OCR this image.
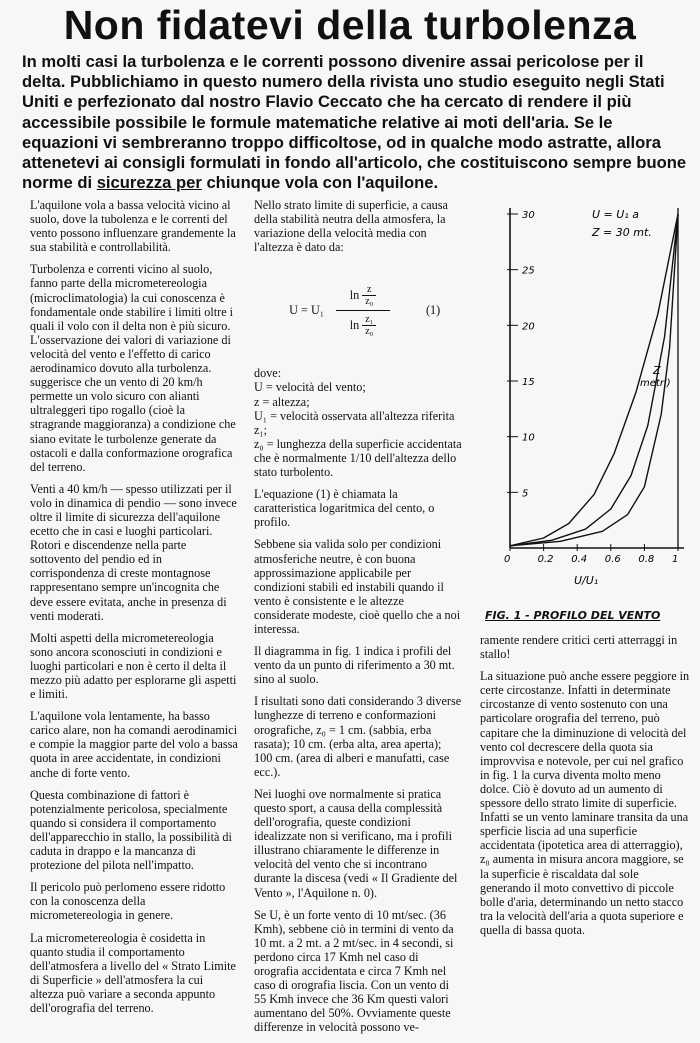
Non fidatevi della turbolenza

In molti casi la turbolenza e le correnti possono divenire assai pericolose per il delta. Pubblichiamo in questo numero della rivista uno studio eseguito negli Stati Uniti e perfezionato dal nostro Flavio Ceccato che ha cercato di rendere il più accessibile possibile le formule matematiche relative ai moti dell'aria. Se le equazioni vi sembreranno troppo difficoltose, od in qualche modo astratte, allora attenetevi ai consigli formulati in fondo all'articolo, che costituiscono sempre buone norme di sicurezza per chiunque vola con l'aquilone.

L'aquilone vola a bassa velocità vicino al suolo, dove la tubolenza e le correnti del vento possono influenzare grandemente la sua stabilità e controllabilità.

Turbolenza e correnti vicino al suolo, fanno parte della micrometereologia (microclimatologia) la cui conoscenza è fondamentale onde stabilire i limiti oltre i quali il volo con il delta non è più sicuro. L'osservazione dei valori di variazione di velocità del vento e l'effetto di carico aerodinamico dovuto alla turbolenza. suggerisce che un vento di 20 km/h permette un volo sicuro con alianti ultraleggeri tipo rogallo (cioè la stragrande maggioranza) a condizione che siano evitate le turbolenze generate da ostacoli e dalla conformazione orografica del terreno.

Venti a 40 km/h — spesso utilizzati per il volo in dinamica di pendio — sono invece oltre il limite di sicurezza dell'aquilone ecetto che in casi e luoghi particolari. Rotori e discendenze nella parte sottovento del pendio ed in corrispondenza di creste montagnose rappresentano sempre un'incognita che deve essere evitata, anche in presenza di venti moderati.

Molti aspetti della micrometereologia sono ancora sconosciuti in condizioni e luoghi particolari e non è certo il delta il mezzo più adatto per esplorarne gli aspetti e limiti.

L'aquilone vola lentamente, ha basso carico alare, non ha comandi aerodinamici e compie la maggior parte del volo a bassa quota in aree accidentate, in condizioni anche di forte vento.

Questa combinazione di fattori è potenzialmente pericolosa, specialmente quando si considera il comportamento dell'apparecchio in stallo, la possibilità di caduta in drappo e la mancanza di protezione del pilota nell'impatto.

Il pericolo può perlomeno essere ridotto con la conoscenza della micrometereologia in genere.

La micrometereologia è cosidetta in quanto studia il comportamento dell'atmosfera a livello del « Strato Limite di Superficie » dell'atmosfera la cui altezza può variare a seconda appunto dell'orografia del terreno.

Nello strato limite di superficie, a causa della stabilità neutra della atmosfera, la variazione della velocità media con l'altezza è dato da:

U = U₁ ln
z
z₀
ln
z₁
z₀ (1)

dove:

U = velocità del vento;

z = altezza;

U₁ = velocità osservata all'altezza riferita z₁;

z₀ = lunghezza della superficie accidentata che è normalmente 1/10 dell'altezza dello stato turbolento.

L'equazione (1) è chiamata la caratteristica logaritmica del cento, o profilo.

Sebbene sia valida solo per condizioni atmosferiche neutre, è con buona approssimazione applicabile per condizioni stabili ed instabili quando il vento è consistente e le altezze considerate modeste, cioè quello che a noi interessa.

Il diagramma in fig. 1 indica i profili del vento da un punto di riferimento a 30 mt. sino al suolo.

I risultati sono dati considerando 3 diverse lunghezze di terreno e conformazioni orografiche, z₀ = 1 cm. (sabbia, erba rasata); 10 cm. (erba alta, area aperta); 100 cm. (area di alberi e manufatti, case ecc.).

Nei luoghi ove normalmente si pratica questo sport, a causa della complessità dell'orografia, queste condizioni idealizzate non si verificano, ma i profili illustrano chiaramente le differenze in velocità del vento che si incontrano durante la discesa (vedi « Il Gradiente del Vento », l'Aquilone n. 0).

Se U, è un forte vento di 10 mt/sec. (36 Kmh), sebbene ciò in termini di vento da 10 mt. a 2 mt. a 2 mt/sec. in 4 secondi, si perdono circa 17 Kmh nel caso di orografia accidentata e circa 7 Kmh nel caso di orografia liscia. Con un vento di 55 Kmh invece che 36 Km questi valori aumentano del 50%. Ovviamente queste differenze in velocità possono ve-

5
10
15
20
25
30
0	0.2 0.4 0.6 0.8 1
U = U₁ a
Z = 30 mt.
Z
metri)
U/U₁
FIG. 1 - PROFILO DEL VENTO

ramente rendere critici certi atterraggi in stallo!

La situazione può anche essere peggiore in certe circostanze. Infatti in determinate circostanze di vento sostenuto con una particolare orografia del terreno, può capitare che la diminuzione di velocità del vento col decrescere della quota sia improvvisa e notevole, per cui nel grafico in fig. 1 la curva diventa molto meno dolce. Ciò è dovuto ad un aumento di spessore dello strato limite di superficie. Infatti se un vento laminare transita da una sperficie liscia ad una superficie accidentata (ipotetica area di atterraggio), z₀ aumenta in misura ancora maggiore, se la superficie è riscaldata dal sole generando il moto convettivo di piccole bolle d'aria, determinando un netto stacco tra la velocità dell'aria a quota superiore e quella di bassa quota.
